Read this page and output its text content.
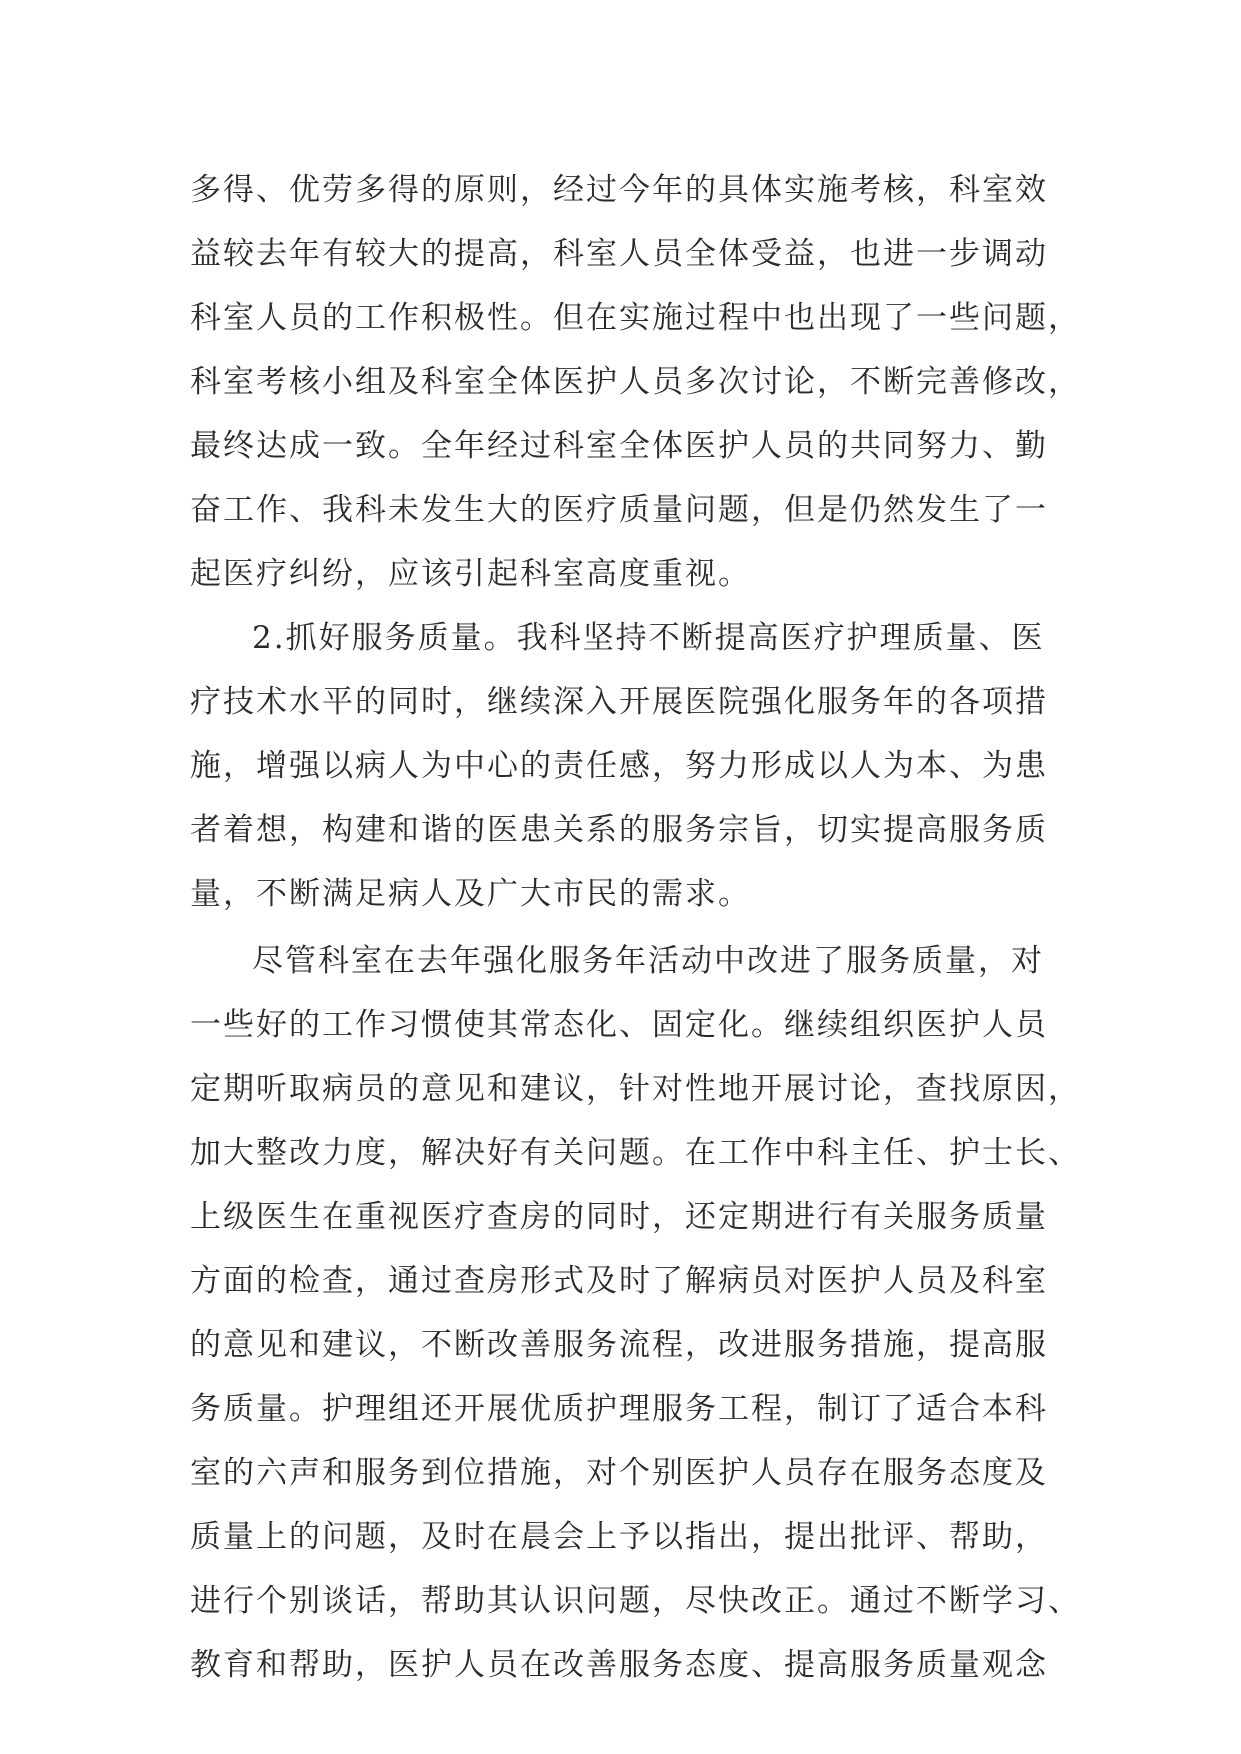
多得、优劳多得的原则，经过今年的具体实施考核，科室效
益较去年有较大的提高，科室人员全体受益，也进一步调动
科室人员的工作积极性。但在实施过程中也出现了一些问题，
科室考核小组及科室全体医护人员多次讨论，不断完善修改，
最终达成一致。全年经过科室全体医护人员的共同努力、勤
奋工作、我科未发生大的医疗质量问题，但是仍然发生了一
起医疗纠纷，应该引起科室高度重视。
2.抓好服务质量。我科坚持不断提高医疗护理质量、医
疗技术水平的同时，继续深入开展医院强化服务年的各项措
施，增强以病人为中心的责任感，努力形成以人为本、为患
者着想，构建和谐的医患关系的服务宗旨，切实提高服务质
量，不断满足病人及广大市民的需求。
尽管科室在去年强化服务年活动中改进了服务质量，对
一些好的工作习惯使其常态化、固定化。继续组织医护人员
定期听取病员的意见和建议，针对性地开展讨论，查找原因，
加大整改力度，解决好有关问题。在工作中科主任、护士长、
上级医生在重视医疗查房的同时，还定期进行有关服务质量
方面的检查，通过查房形式及时了解病员对医护人员及科室
的意见和建议，不断改善服务流程，改进服务措施，提高服
务质量。护理组还开展优质护理服务工程，制订了适合本科
室的六声和服务到位措施，对个别医护人员存在服务态度及
质量上的问题，及时在晨会上予以指出，提出批评、帮助，
进行个别谈话，帮助其认识问题，尽快改正。通过不断学习、
教育和帮助，医护人员在改善服务态度、提高服务质量观念
